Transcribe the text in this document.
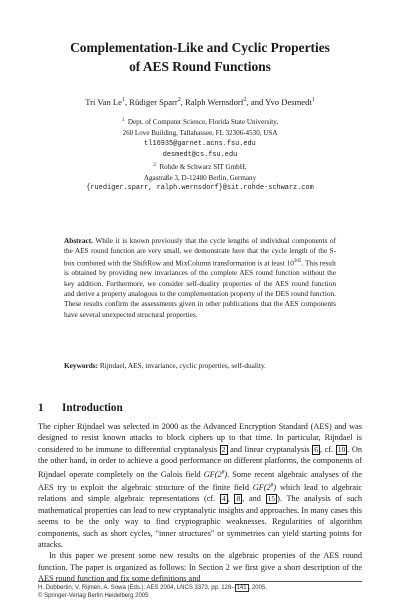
Complementation-Like and Cyclic Properties
of AES Round Functions
Tri Van Le$^1$, Rüdiger Sparr$^2$, Ralph Wernsdorf$^2$, and Yvo Desmedt$^1$
$^1$ Dept. of Computer Science, Florida State University,
260 Love Building, Tallahassee, FL 32306-4530, USA
tl16935@garnet.acns.fsu.edu
desmedt@cs.fsu.edu
$^2$ Rohde & Schwarz SIT GmbH,
Agastraße 3, D-12480 Berlin, Germany
{ruediger.sparr, ralph.wernsdorf}@sit.rohde-schwarz.com
Abstract. While it is known previously that the cycle lengths of individual components of the AES round function are very small, we demonstrate here that the cycle length of the S-box combined with the ShiftRow and MixColumn transformation is at least $10^{205}$. This result is obtained by providing new invariances of the complete AES round function without the key addition. Furthermore, we consider self-duality properties of the AES round function and derive a property analogous to the complementation property of the DES round function. These results confirm the assessments given in other publications that the AES components have several unexpected structural properties.
Keywords: Rijndael, AES, invariance, cyclic properties, self-duality.
1 Introduction

The cipher Rijndael was selected in 2000 as the Advanced Encryption Standard (AES) and was designed to resist known attacks to block ciphers up to that time. In particular, Rijndael is considered to be immune to differential cryptanalysis 2 and linear cryptanalysis 6 , cf. 10 . On the other hand, in order to achieve a good performance on different platforms, the components of Rijndael operate completely on the Galois field $GF(2^8)$. Some recent algebraic analyses of the AES try to exploit the algebraic structure of the finite field $GF(2^8)$ which lead to algebraic relations and simple algebraic representations (cf. 4 , 8 , and 15 ). The analysis of such mathematical properties can lead to new cryptanalytic insights and approaches. In many cases this seems to be the only way to find cryptographic weaknesses. Regularities of algorithm components, such as short cycles, "inner structures" or symmetries can yield starting points for attacks.

In this paper we present some new results on the algebraic properties of the AES round function. The paper is organized as follows: In Section 2 we first give a short description of the AES round function and fix some definitions and

H. Dobbertin, V. Rijmen, A. Sowa (Eds.): AES 2004, LNCS 3373, pp. 128– 141 , 2005.
© Springer-Verlag Berlin Heidelberg 2005
